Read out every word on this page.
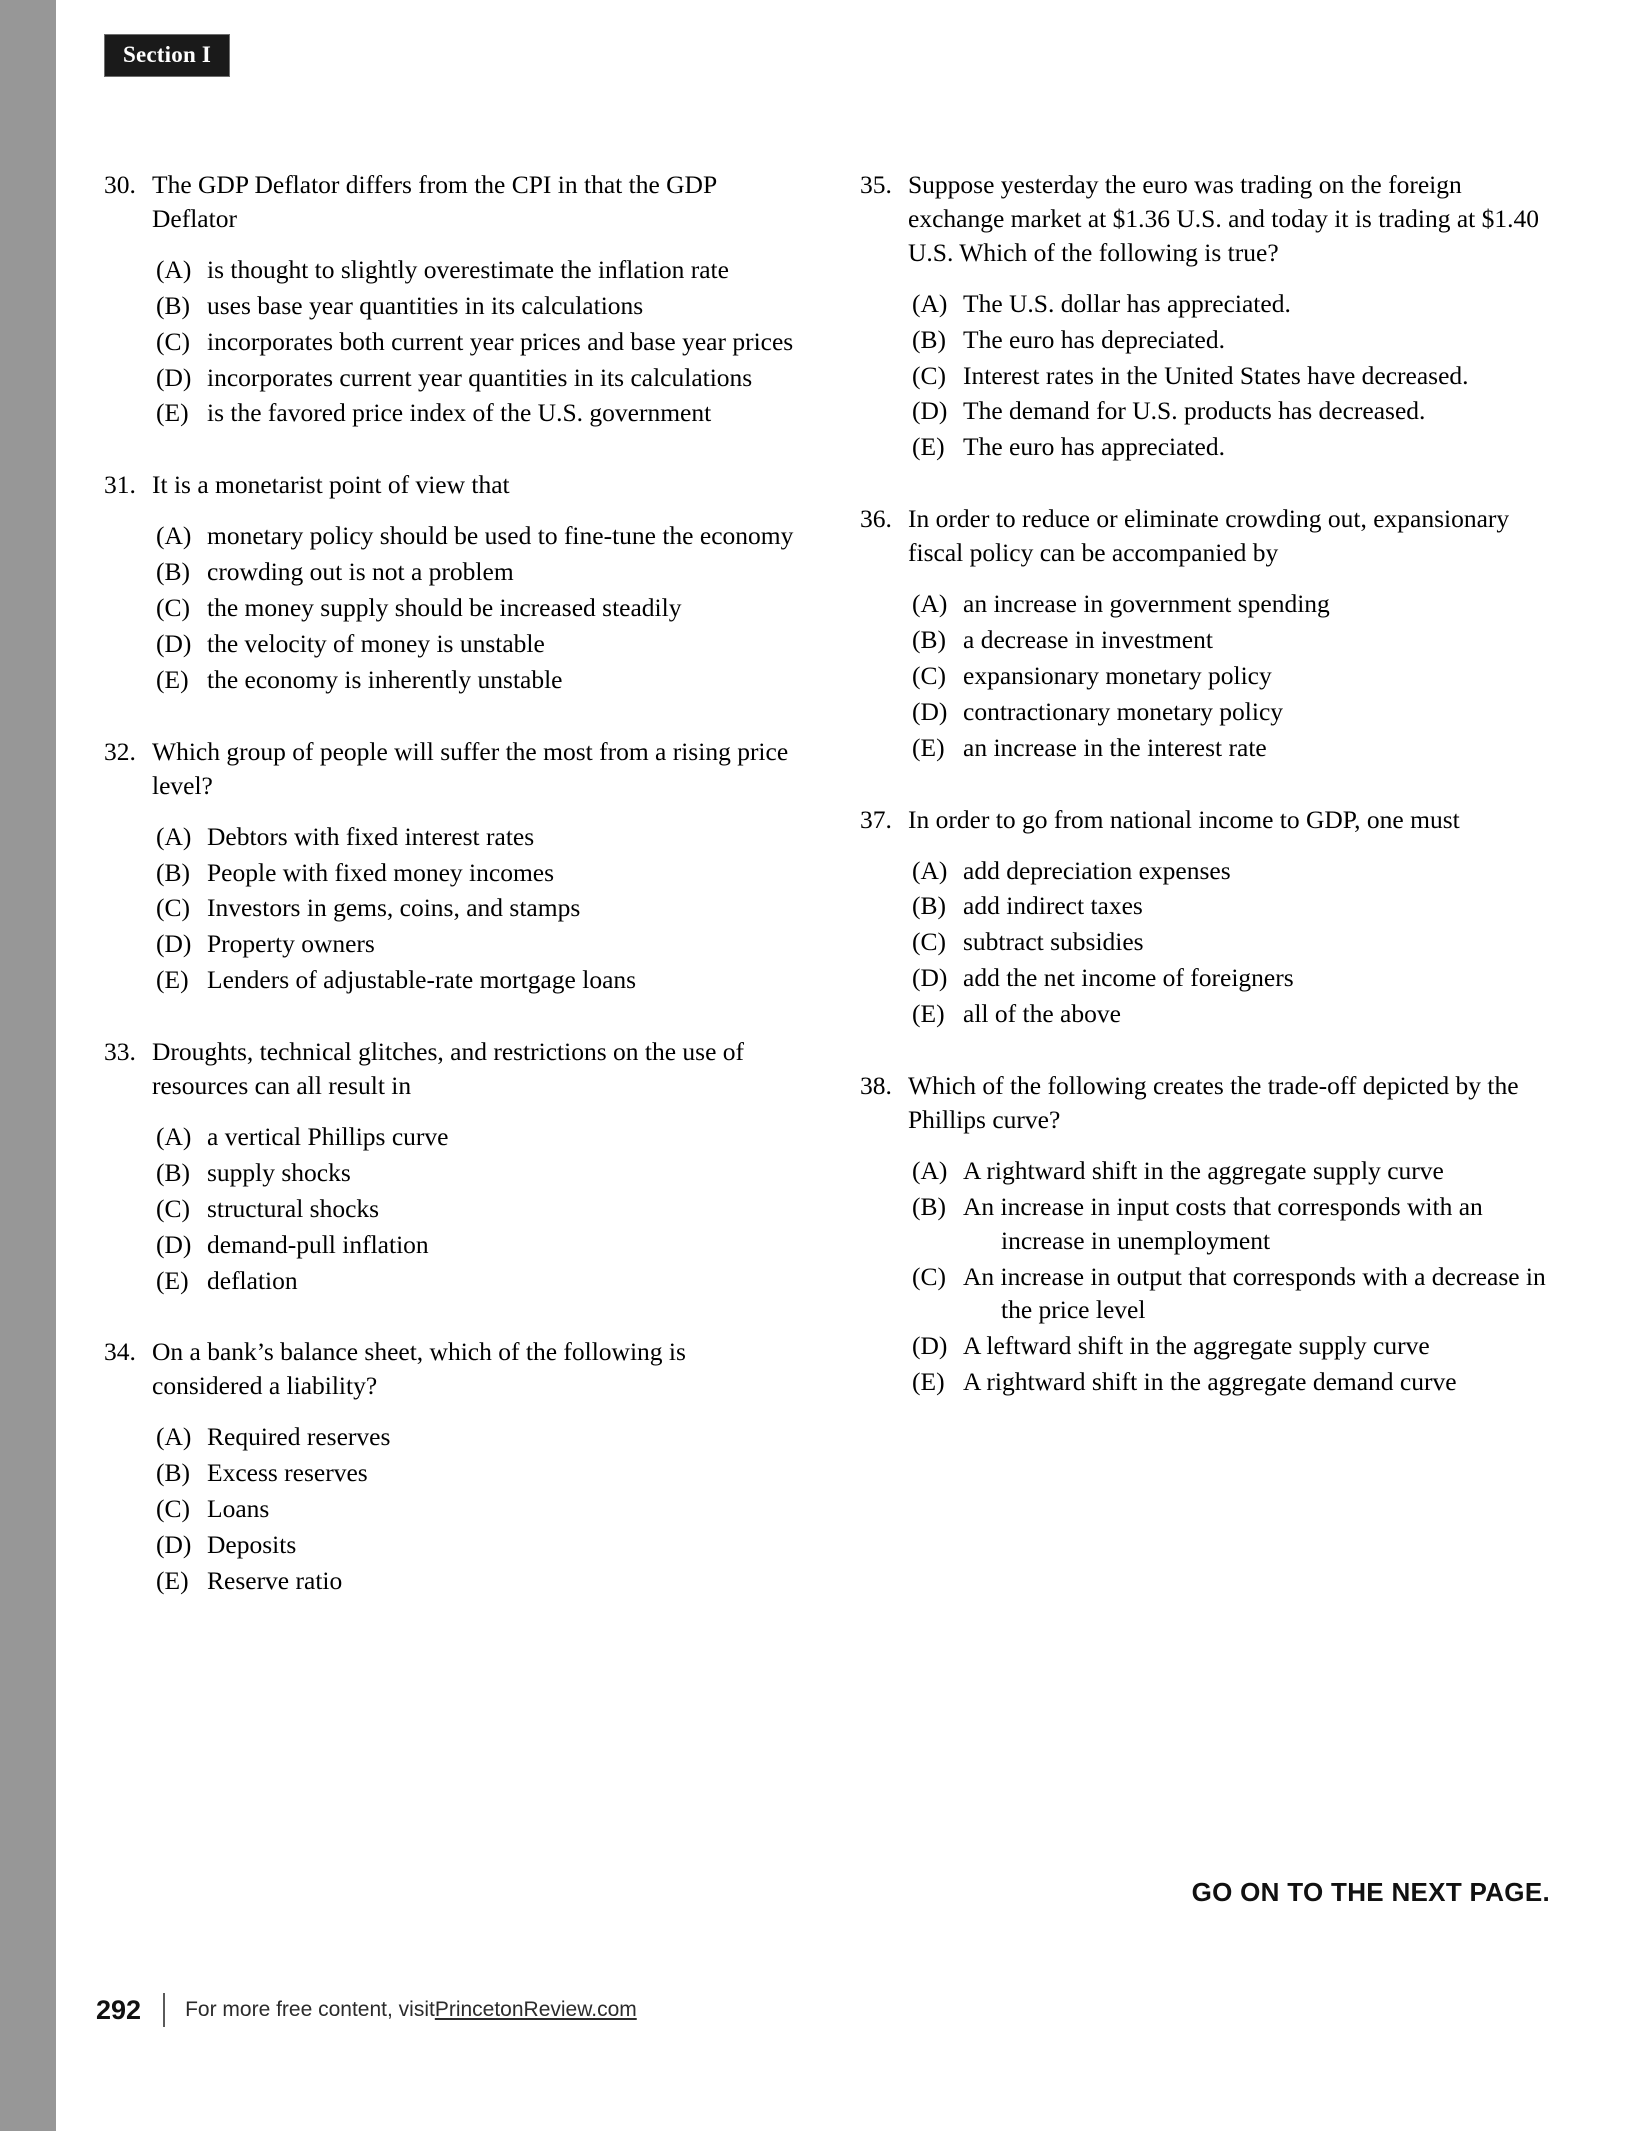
Section I
30. The GDP Deflator differs from the CPI in that the GDP Deflator
(A) is thought to slightly overestimate the inflation rate
(B) uses base year quantities in its calculations
(C) incorporates both current year prices and base year prices
(D) incorporates current year quantities in its calculations
(E) is the favored price index of the U.S. government
31. It is a monetarist point of view that
(A) monetary policy should be used to fine-tune the economy
(B) crowding out is not a problem
(C) the money supply should be increased steadily
(D) the velocity of money is unstable
(E) the economy is inherently unstable
32. Which group of people will suffer the most from a rising price level?
(A) Debtors with fixed interest rates
(B) People with fixed money incomes
(C) Investors in gems, coins, and stamps
(D) Property owners
(E) Lenders of adjustable-rate mortgage loans
33. Droughts, technical glitches, and restrictions on the use of resources can all result in
(A) a vertical Phillips curve
(B) supply shocks
(C) structural shocks
(D) demand-pull inflation
(E) deflation
34. On a bank’s balance sheet, which of the following is considered a liability?
(A) Required reserves
(B) Excess reserves
(C) Loans
(D) Deposits
(E) Reserve ratio
35. Suppose yesterday the euro was trading on the foreign exchange market at $1.36 U.S. and today it is trading at $1.40 U.S. Which of the following is true?
(A) The U.S. dollar has appreciated.
(B) The euro has depreciated.
(C) Interest rates in the United States have decreased.
(D) The demand for U.S. products has decreased.
(E) The euro has appreciated.
36. In order to reduce or eliminate crowding out, expansionary fiscal policy can be accompanied by
(A) an increase in government spending
(B) a decrease in investment
(C) expansionary monetary policy
(D) contractionary monetary policy
(E) an increase in the interest rate
37. In order to go from national income to GDP, one must
(A) add depreciation expenses
(B) add indirect taxes
(C) subtract subsidies
(D) add the net income of foreigners
(E) all of the above
38. Which of the following creates the trade-off depicted by the Phillips curve?
(A) A rightward shift in the aggregate supply curve
(B) An increase in input costs that corresponds with an increase in unemployment
(C) An increase in output that corresponds with a decrease in the price level
(D) A leftward shift in the aggregate supply curve
(E) A rightward shift in the aggregate demand curve
GO ON TO THE NEXT PAGE.
292 For more free content, visit PrincetonReview.com
